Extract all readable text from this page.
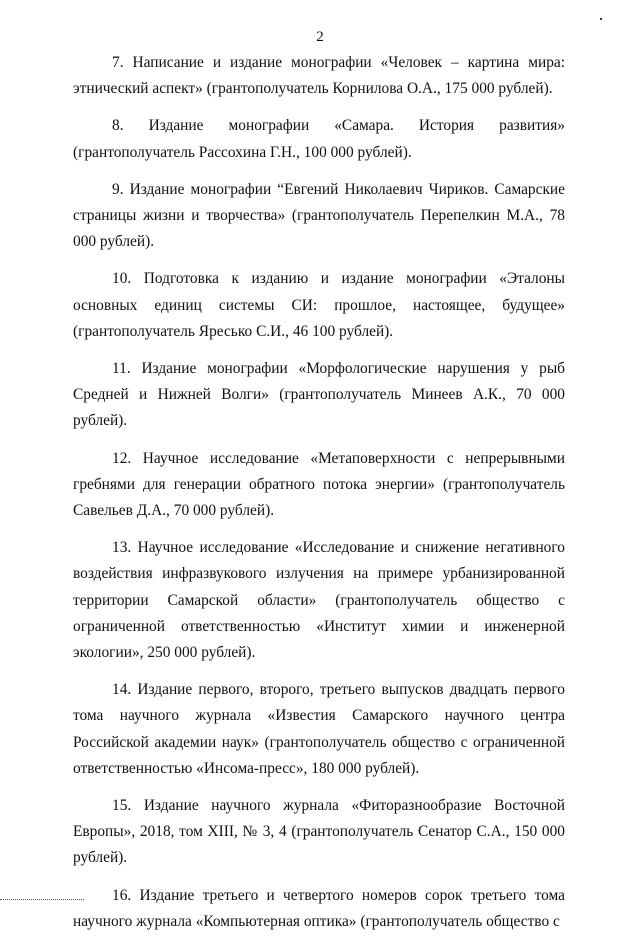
2

7. Написание и издание монографии «Человек – картина мира: этнический аспект» (грантополучатель Корнилова О.А., 175 000 рублей).

8. Издание монографии «Самара. История развития» (грантополучатель Рассохина Г.Н., 100 000 рублей).

9. Издание монографии “Евгений Николаевич Чириков. Самарские страницы жизни и творчества» (грантополучатель Перепелкин М.А., 78 000 рублей).

10. Подготовка к изданию и издание монографии «Эталоны основных единиц системы СИ: прошлое, настоящее, будущее» (грантополучатель Яресько С.И., 46 100 рублей).

11. Издание монографии «Морфологические нарушения у рыб Средней и Нижней Волги» (грантополучатель Минеев А.К., 70 000 рублей).

12. Научное исследование «Метаповерхности с непрерывными гребнями для генерации обратного потока энергии» (грантополучатель Савельев Д.А., 70 000 рублей).

13. Научное исследование «Исследование и снижение негативного воздействия инфразвукового излучения на примере урбанизированной территории Самарской области» (грантополучатель общество с ограниченной ответственностью «Институт химии и инженерной экологии», 250 000 рублей).

14. Издание первого, второго, третьего выпусков двадцать первого тома научного журнала «Известия Самарского научного центра Российской академии наук» (грантополучатель общество с ограниченной ответственностью «Инсома-пресс», 180 000 рублей).

15. Издание научного журнала «Фиторазнообразие Восточной Европы», 2018, том XIII, № 3, 4 (грантополучатель Сенатор С.А., 150 000 рублей).

16. Издание третьего и четвертого номеров сорок третьего тома научного журнала «Компьютерная оптика» (грантополучатель общество с
